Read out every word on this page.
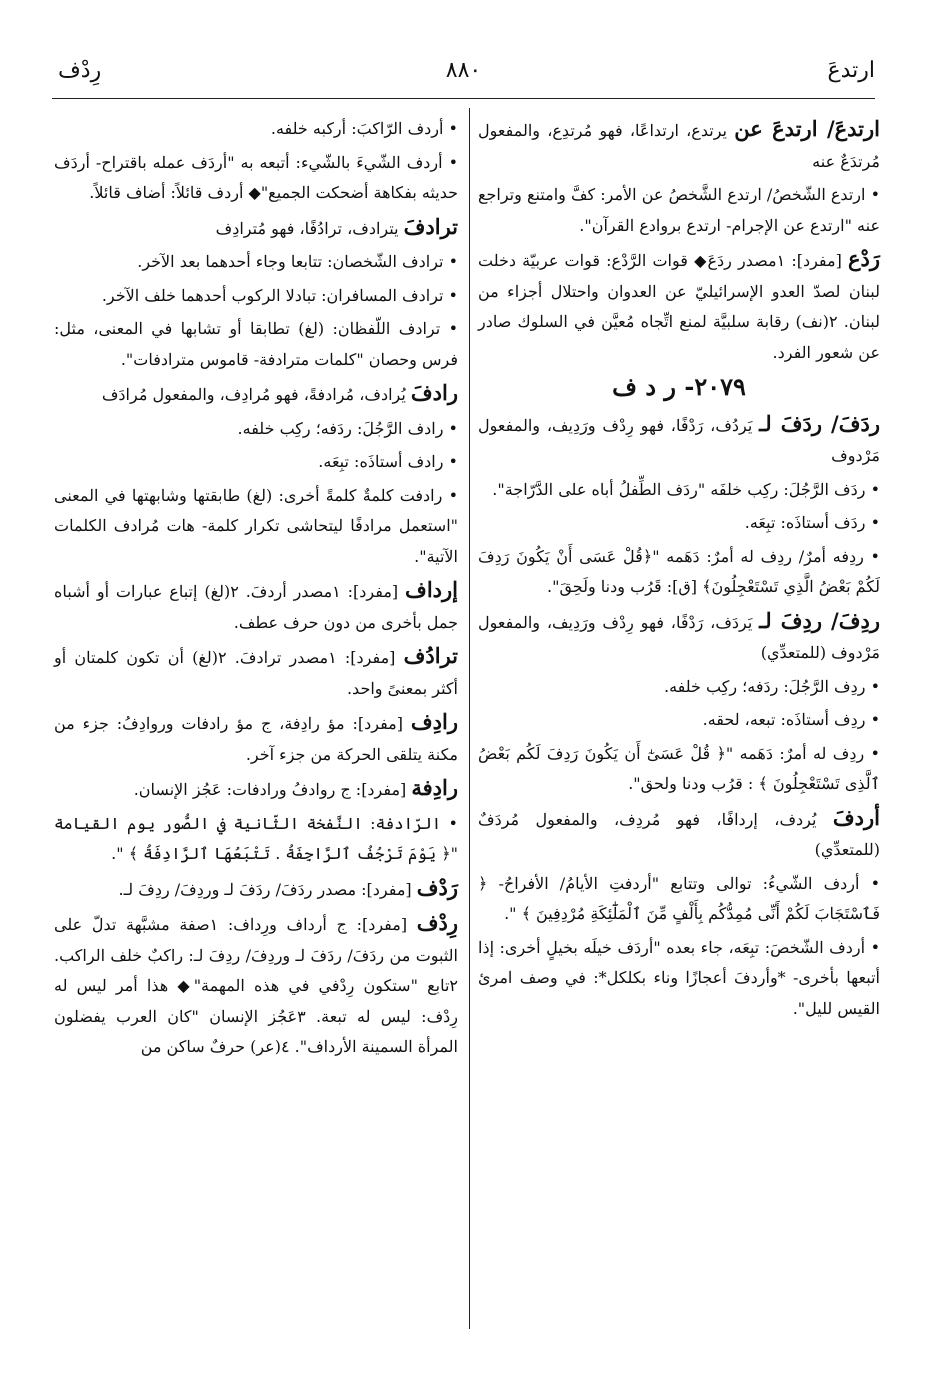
ارتدعَ
٨٨٠
رِدْف
ارتدعَ/ ارتدعَ عن يرتدع، ارتداعًا، فهو مُرتدِع، والمفعول مُرتدَعٌ عنه
• ارتدع الشّخصُ/ ارتدع الشَّخصُ عن الأمر: كفَّ وامتنع وتراجع عنه "ارتدع عن الإجرام- ارتدع بروادع القرآن".
رَدْع [مفرد]: ١مصدر ردَعَ◆ قوات الرَّدْع: قوات عربيّة دخلت لبنان لصدّ العدو الإسرائيليّ عن العدوان واحتلال أجزاء من لبنان. ٢(نف) رقابة سلبيَّة لمنع اتِّجاه مُعيَّن في السلوك صادر عن شعور الفرد.
٢٠٧٩- ر د ف
ردَفَ/ ردَفَ لـ يَردُف، رَدْفًا، فهو رِدْف ورَدِيف، والمفعول مَرْدوف
• ردَف الرَّجُلَ: ركِب خلفَه "ردَف الطِّفلُ أباه على الدَّرّاجة".
• ردَف أستاذَه: تبِعَه.
• ردِفه أمرٌ/ ردِف له أمرٌ: دَهَمه "﴿قُلْ عَسَى أَنْ يَكُونَ رَدِفَ لَكُمْ بَعْضُ الَّذِي تَسْتَعْجِلُونَ﴾ [ق]: قَرُب ودنا ولَحِقَ".
ردِفَ/ ردِفَ لـ يَردَف، رَدْفًا، فهو رِدْف ورَدِيف، والمفعول مَرْدوف (للمتعدِّي)
• ردِف الرَّجُلَ: ردَفه؛ ركِب خلفه.
• ردِف أستاذَه: تبعه، لحقه.
• ردِف له أمرٌ: دَهَمه "﴿ قُلْ عَسَىٰٓ أَن يَكُونَ رَدِفَ لَكُم بَعْضُ ٱلَّذِى تَسْتَعْجِلُونَ ﴾ : قرُب ودنا ولحق".
أردفَ يُردف، إردافًا، فهو مُردِف، والمفعول مُردَفٌ (للمتعدِّي)
• أردف الشّيءُ: توالى وتتابع "أردفتِ الأيامُ/ الأفراحُ- ﴿ فَٱسْتَجَابَ لَكُمْ أَنِّى مُمِدُّكُم بِأَلْفٍ مِّنَ ٱلْمَلَٰٓئِكَةِ مُرْدِفِينَ ﴾ ".
• أردف الشّخصَ: تبِعَه، جاء بعده "أردَف خيلَه بخيلٍ أخرى: إذا أتبعها بأخرى- *وأردفَ أعجازًا وناء بكلكل*: في وصف امرئ القيس لليل".
• أردف الرّاكبَ: أركبه خلفه.
• أردف الشّيءَ بالشّيء: أتبعه به "أردَف عمله باقتراح- أردَف حديثه بفكاهة أضحكت الجميع"◆ أردف قائلاً: أضاف قائلاً.
ترادفَ يترادف، ترادُفًا، فهو مُترادِف
• ترادف الشّخصان: تتابعا وجاء أحدهما بعد الآخر.
• ترادف المسافران: تبادلا الركوب أحدهما خلف الآخر.
• ترادف اللّفظان: (لغ) تطابقا أو تشابها في المعنى، مثل: فرس وحصان "كلمات مترادفة- قاموس مترادفات".
رادفَ يُرادف، مُرادفةً، فهو مُرادِف، والمفعول مُرادَف
• رادف الرَّجُلَ: ردَفه؛ ركِب خلفه.
• رادف أستاذَه: تبِعَه.
• رادفت كلمةٌ كلمةً أخرى: (لغ) طابقتها وشابهتها في المعنى "استعمل مرادفًا ليتحاشى تكرار كلمة- هات مُرادف الكلمات الآتية".
إرداف [مفرد]: ١مصدر أردفَ. ٢(لغ) إتباع عبارات أو أشباه جمل بأخرى من دون حرف عطف.
ترادُف [مفرد]: ١مصدر ترادفَ. ٢(لغ) أن تكون كلمتان أو أكثر بمعنىً واحد.
رادِف [مفرد]: مؤ رادِفة، ج مؤ رادفات وروادِفُ: جزء من مكنة يتلقى الحركة من جزء آخر.
رادِفة [مفرد]: ج روادفُ ورادفات: عَجُز الإنسان.
• الرّادفة: النَّفخة الثّانية في الصُّور يوم القيامة "﴿ يَوْمَ تَرْجُفُ ٱلرَّاجِفَةُ . تَتْبَعُهَا ٱلرَّادِفَةُ ﴾ ".
رَدْف [مفرد]: مصدر ردَفَ/ ردَفَ لـ وردِفَ/ ردِفَ لـ.
رِدْف [مفرد]: ج أرداف ورِداف: ١صفة مشبَّهة تدلّ على الثبوت من ردَفَ/ ردَفَ لـ وردِفَ/ ردِفَ لـ: راكبٌ خلف الراكب. ٢تابع "ستكون رِدْفي في هذه المهمة"◆ هذا أمر ليس له رِدْف: ليس له تبعة. ٣عَجُز الإنسان "كان العرب يفضلون المرأة السمينة الأرداف". ٤(عر) حرفٌ ساكن من
